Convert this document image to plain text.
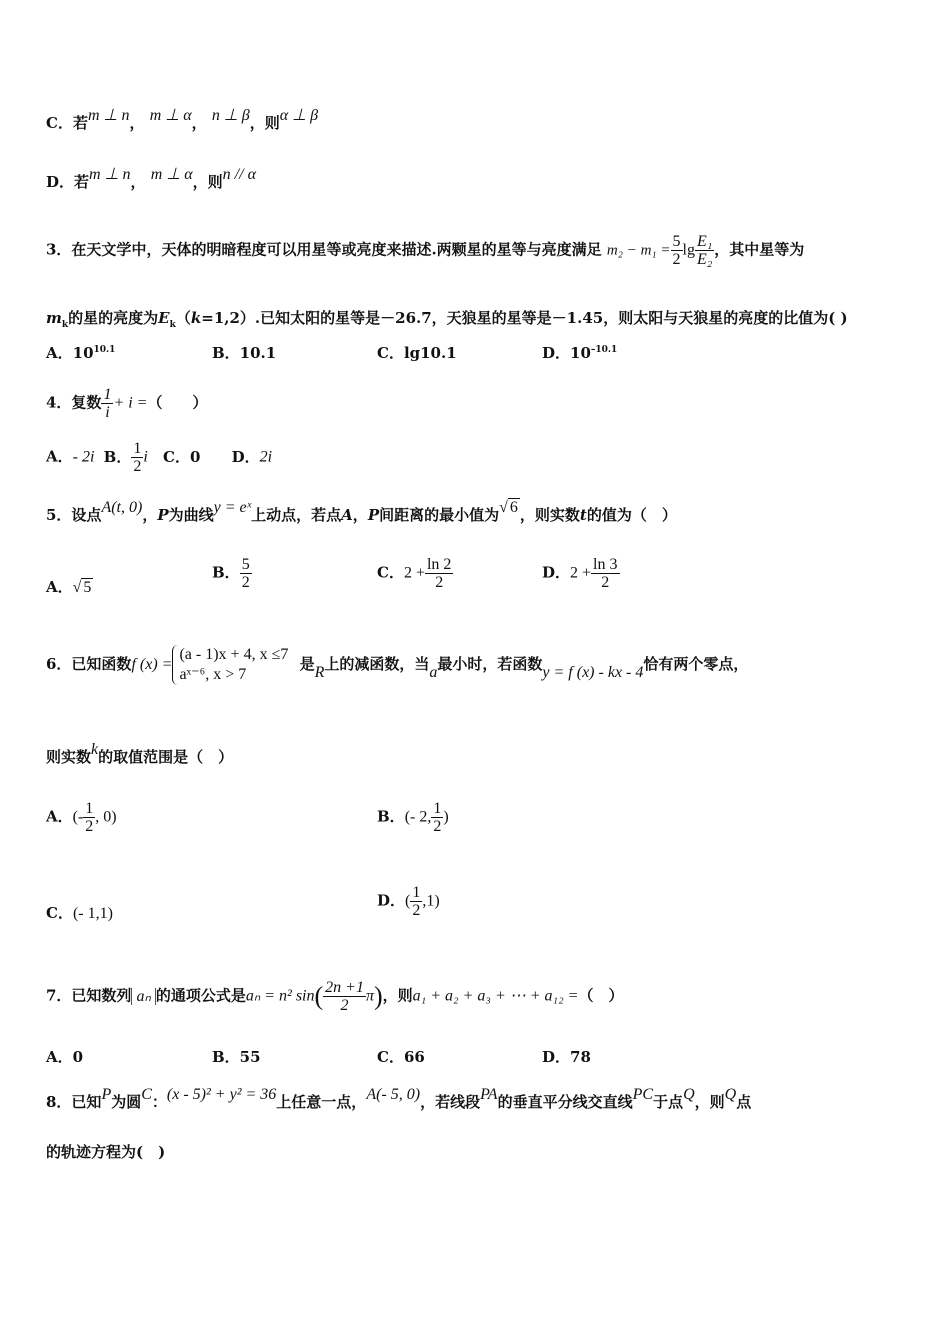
C．若m ⊥ n， m ⊥ α， n ⊥ β，则α ⊥ β
D．若m ⊥ n， m ⊥ α，则n // α
3．在天文学中，天体的明暗程度可以用星等或亮度来描述.两颗星的星等与亮度满足 $m_2 - m_1 = \frac{5}{2}$ $\lg \frac{\text{E₁}}{\text{E₂}}$ ，其中星等为
$m_k$的星的亮度为$E_k(k=1,2)$.已知太阳的星等是－26.7，天狼星的星等是－1.45，则太阳与天狼星的亮度的比值为( )
A．$10^{10.1}$	B．10.1	C．lg10.1	D．$10^{-10.1}$
4．复数 $\frac{1}{i} + i$ =（　　）
A．- 2i B． $\frac{1}{2}$ i C．0 D．2i
5．设点A(t, 0)，P为曲线y = eˣ上动点，若点A，P间距离的最小值为√ 6 ，则实数t的值为（　）
A．√ 5
B． $\frac{5}{2}$	C．$2 + \frac{\ln 2}{2}$	D．$2 + \frac{\ln 3}{2}$
6．已知函数f (x) =
(a - 1)x + 4, x ≤7
aˣ⁻⁶, x > 7
是R上的减函数，当a最小时，若函数y = f (x) - kx - 4恰有两个零点，
则实数k的取值范围是（　）
A．(- $\frac{1}{2}$ , 0)	B．(- 2, $\frac{1}{2}$ )
C．(- 1,1)
D．( $\frac{1}{2} ,1$)
7．已知数列 aₙ 的通项公式是aₙ = n² $\sin( \frac{2n +1}{2} \pi)$，则a₁ + a₂ + a₃ + ⋯ + a₁₂ =（　）
A．0	B．55	C．66	D．78
8．已知P为圆C：(x - 5)² + y² = 36上任意一点，A(- 5, 0)，若线段PA的垂直平分线交直线PC于点Q，则Q点
的轨迹方程为(　)
